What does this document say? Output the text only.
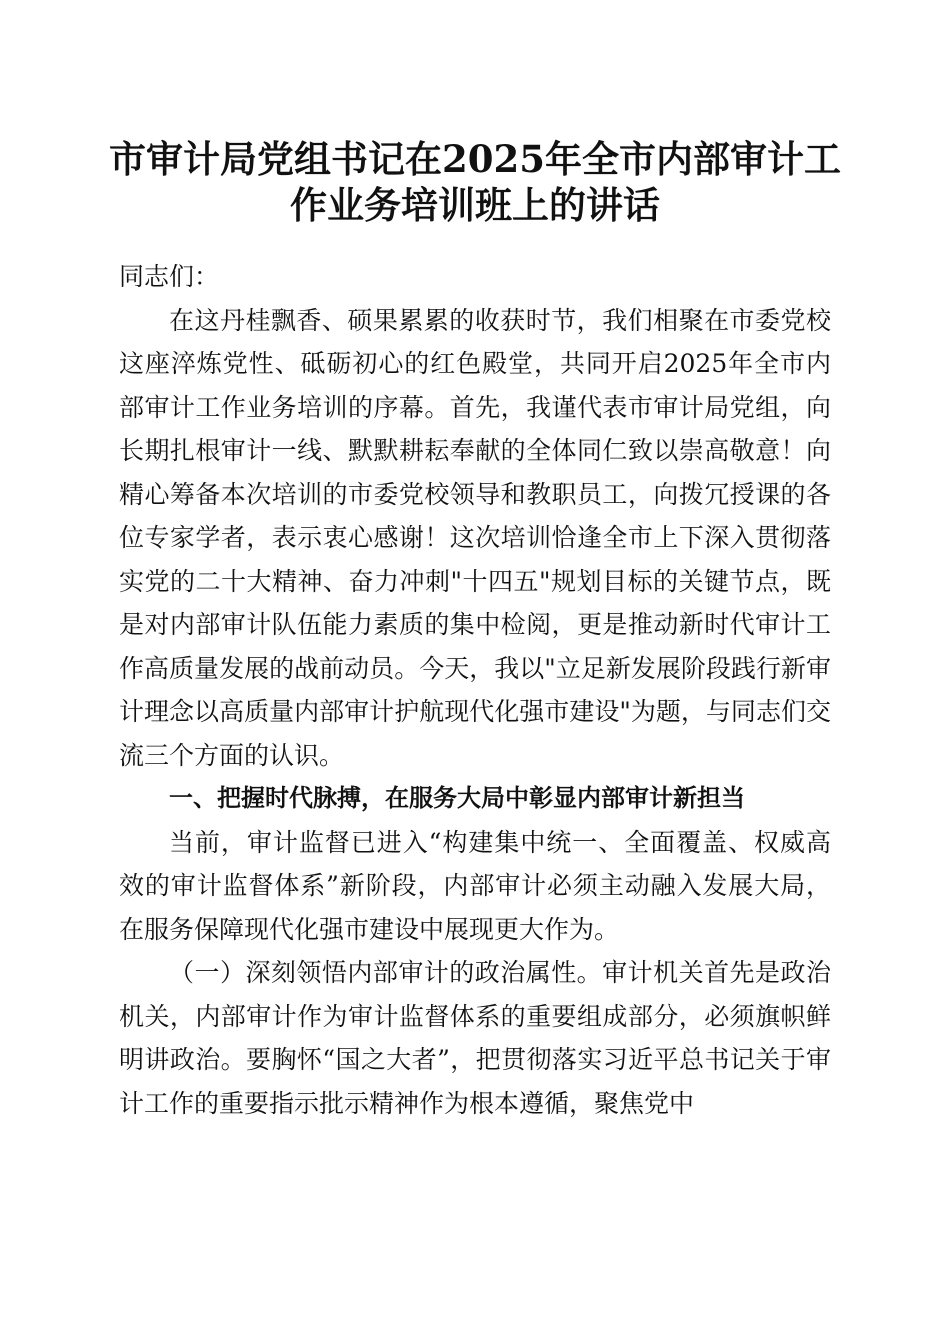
市审计局党组书记在2025年全市内部审计工
作业务培训班上的讲话

同志们：

在这丹桂飘香、硕果累累的收获时节，我们相聚在市委党校这座淬炼党性、砥砺初心的红色殿堂，共同开启2025年全市内部审计工作业务培训的序幕。首先，我谨代表市审计局党组，向长期扎根审计一线、默默耕耘奉献的全体同仁致以崇高敬意！向精心筹备本次培训的市委党校领导和教职员工，向拨冗授课的各位专家学者，表示衷心感谢！这次培训恰逢全市上下深入贯彻落实党的二十大精神、奋力冲刺"十四五"规划目标的关键节点，既是对内部审计队伍能力素质的集中检阅，更是推动新时代审计工作高质量发展的战前动员。今天，我以"立足新发展阶段践行新审计理念以高质量内部审计护航现代化强市建设"为题，与同志们交流三个方面的认识。

一、把握时代脉搏，在服务大局中彰显内部审计新担当

当前，审计监督已进入“构建集中统一、全面覆盖、权威高效的审计监督体系”新阶段，内部审计必须主动融入发展大局，在服务保障现代化强市建设中展现更大作为。

（一）深刻领悟内部审计的政治属性。审计机关首先是政治机关，内部审计作为审计监督体系的重要组成部分，必须旗帜鲜明讲政治。要胸怀“国之大者”，把贯彻落实习近平总书记关于审计工作的重要指示批示精神作为根本遵循，聚焦党中
